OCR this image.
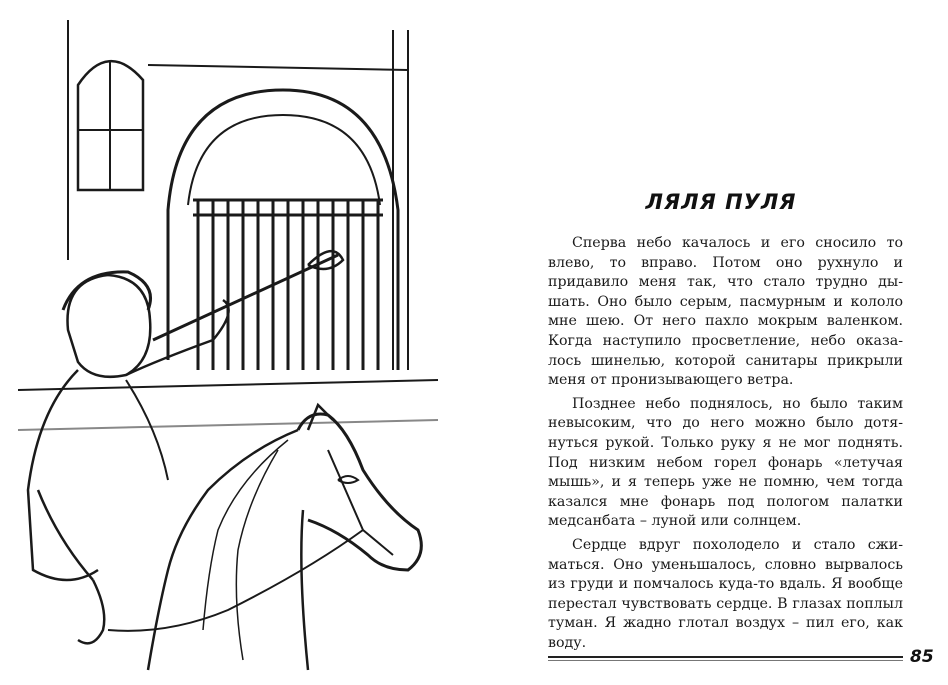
ЛЯЛЯ ПУЛЯ

Сперва небо качалось и его сносило то влево, то вправо. Потом оно рухнуло и придавило меня так, что стало трудно дышать. Оно было серым, пасмурным и кололо мне шею. От него пахло мокрым валенком. Когда наступило просветление, небо оказалось шинелью, которой санитары прикрыли меня от пронизывающего ветра.

Позднее небо поднялось, но было таким невысоким, что до него можно было дотянуться рукой. Только руку я не мог поднять. Под низким небом горел фонарь «летучая мышь», и я теперь уже не помню, чем тогда казался мне фонарь под пологом палатки медсанбата – луной или солнцем.

Сердце вдруг похолодело и стало сжиматься. Оно уменьшалось, словно вырвалось из груди и помчалось куда-то вдаль. Я вообще перестал чувствовать сердце. В глазах поплыл туман. Я жадно глотал воздух – пил его, как воду.

85
